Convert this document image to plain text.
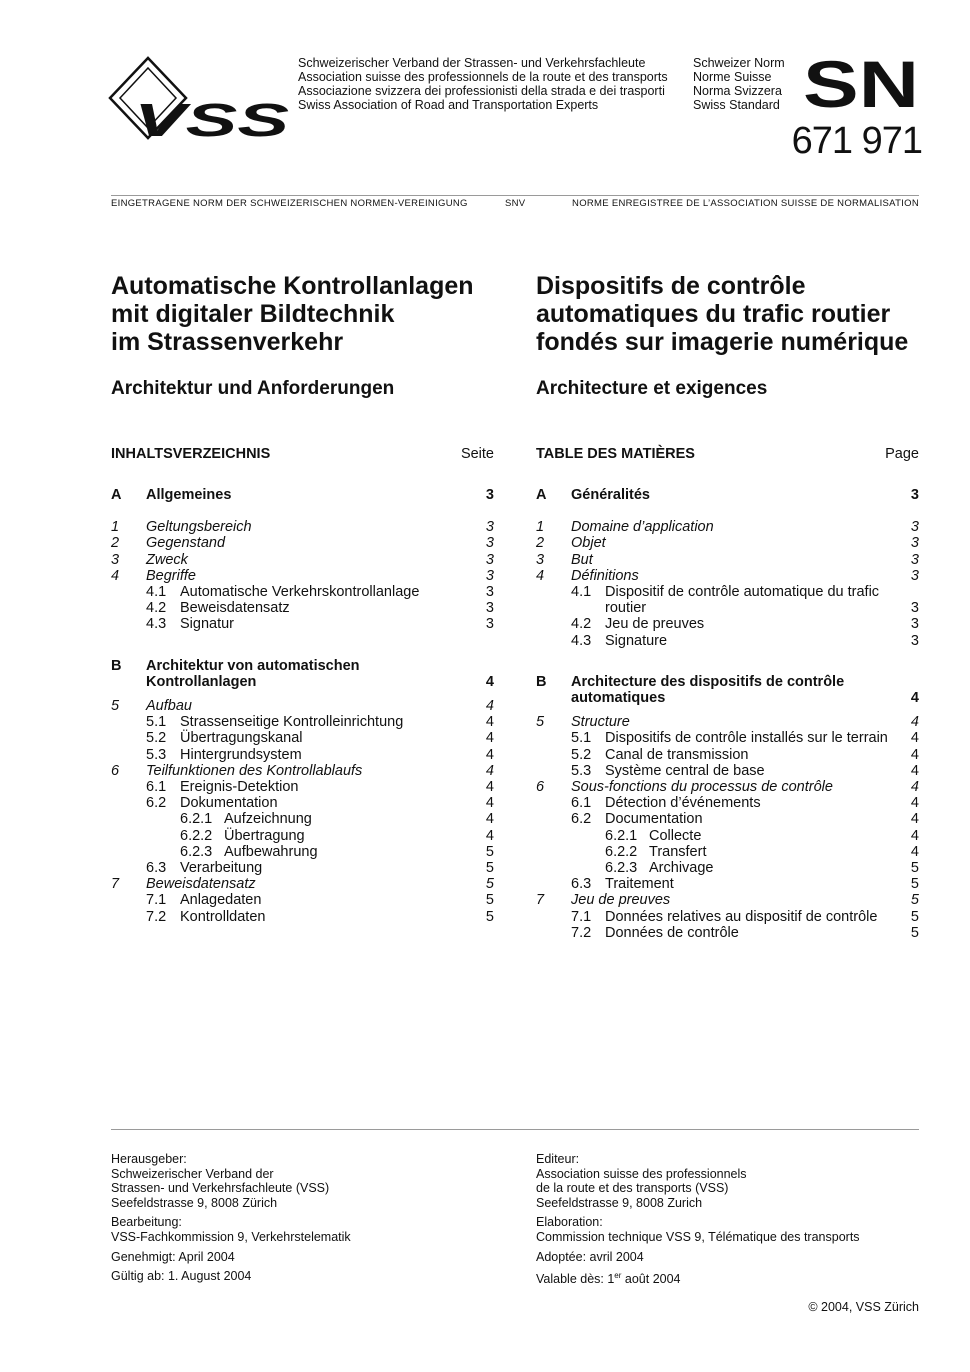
VSS
Schweizerischer Verband der Strassen- und Verkehrsfachleute
Association suisse des professionnels de la route et des transports
Associazione svizzera dei professionisti della strada e dei trasporti
Swiss Association of Road and Transportation Experts
Schweizer Norm
Norme Suisse
Norma Svizzera
Swiss Standard SN
671 971
EINGETRAGENE NORM DER SCHWEIZERISCHEN NORMEN-VEREINIGUNG	SNV	NORME ENREGISTREE DE L’ASSOCIATION SUISSE DE NORMALISATION
Automatische Kontrollanlagen
mit digitaler Bildtechnik
im Strassenverkehr
Dispositifs de contrôle
automatiques du trafic routier
fondés sur imagerie numérique
Architektur und Anforderungen	Architecture et exigences
INHALTSVERZEICHNIS	Seite
A Allgemeines	3
1 Geltungsbereich	3
2 Gegenstand	3
3 Zweck	3
4 Begriffe	3
4.1 Automatische Verkehrskontrollanlage	3
4.2 Beweisdatensatz	3
4.3 Signatur	3
B Architektur von automatischen Kontrollanlagen	4
5 Aufbau	4
5.1 Strassenseitige Kontrolleinrichtung	4
5.2 Übertragungskanal	4
5.3 Hintergrundsystem	4
6 Teilfunktionen des Kontrollablaufs	4
6.1 Ereignis-Detektion	4
6.2 Dokumentation	4
6.2.1 Aufzeichnung	4
6.2.2 Übertragung	4
6.2.3 Aufbewahrung	5
6.3 Verarbeitung	5
7 Beweisdatensatz	5
7.1 Anlagedaten	5
7.2 Kontrolldaten	5
TABLE DES MATIÈRES	Page
A Généralités	3
1 Domaine d’application	3
2 Objet	3
3 But	3
4 Définitions	3
4.1 Dispositif de contrôle automatique du trafic routier	3
4.2 Jeu de preuves	3
4.3 Signature	3
B Architecture des dispositifs de contrôle automatiques	4
5 Structure	4
5.1 Dispositifs de contrôle installés sur le terrain	4
5.2 Canal de transmission	4
5.3 Système central de base	4
6 Sous-fonctions du processus de contrôle	4
6.1 Détection d’événements	4
6.2 Documentation	4
6.2.1 Collecte	4
6.2.2 Transfert	4
6.2.3 Archivage	5
6.3 Traitement	5
7 Jeu de preuves	5
7.1 Données relatives au dispositif de contrôle	5
7.2 Données de contrôle	5
Herausgeber:
Schweizerischer Verband der
Strassen- und Verkehrsfachleute (VSS)
Seefeldstrasse 9, 8008 Zürich
Bearbeitung:
VSS-Fachkommission 9, Verkehrstelematik
Genehmigt: April 2004
Gültig ab: 1. August 2004
Editeur:
Association suisse des professionnels
de la route et des transports (VSS)
Seefeldstrasse 9, 8008 Zurich
Elaboration:
Commission technique VSS 9, Télématique des transports
Adoptée: avril 2004
Valable dès: 1er août 2004
© 2004, VSS Zürich
